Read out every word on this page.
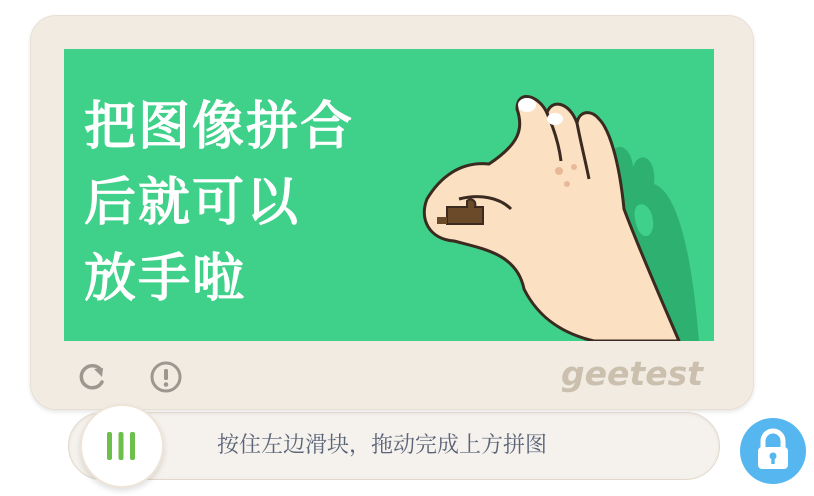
把图像拼合
后就可以
放手啦
geetest
按住左边滑块，拖动完成上方拼图
